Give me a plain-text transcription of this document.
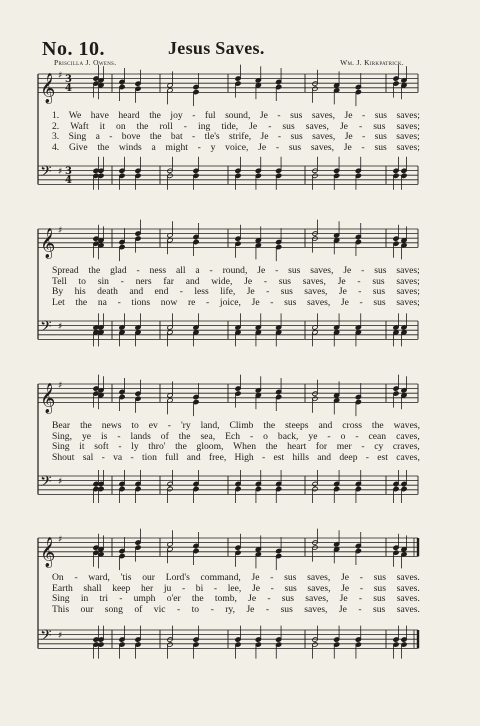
No. 10.	Jesus Saves.
Priscilla J. Owens.	Wm. J. Kirkpatrick.
𝄞
𝄢
♯
♯
3
3
4
4
𝄞
𝄢
♯
♯
𝄞
𝄢
♯
♯
𝄞
𝄢
♯
♯
1. We have heard the joy - ful sound, Je - sus saves, Je - sus saves;
2. Waft it on the roll - ing tide, Je - sus saves, Je - sus saves;
3. Sing a - bove the bat - tle's strife, Je - sus saves, Je - sus saves;
4. Give the winds a might - y voice, Je - sus saves, Je - sus saves;
Spread the glad - ness all a - round, Je - sus saves, Je - sus saves;
Tell to sin - ners far and wide, Je - sus saves, Je - sus saves;
By his death and end - less life, Je - sus saves, Je - sus saves;
Let the na - tions now re - joice, Je - sus saves, Je - sus saves;
Bear the news to ev - 'ry land, Climb the steeps and cross the waves,
Sing, ye is - lands of the sea, Ech - o back, ye - o - cean caves,
Sing it soft - ly thro' the gloom, When the heart for mer - cy craves,
Shout sal - va - tion full and free, High - est hills and deep - est caves,
On - ward, 'tis our Lord's command, Je - sus saves, Je - sus saves.
Earth shall keep her ju - bi - lee, Je - sus saves, Je - sus saves.
Sing in tri - umph o'er the tomb, Je - sus saves, Je - sus saves.
This our song of vic - to - ry, Je - sus saves, Je - sus saves.
